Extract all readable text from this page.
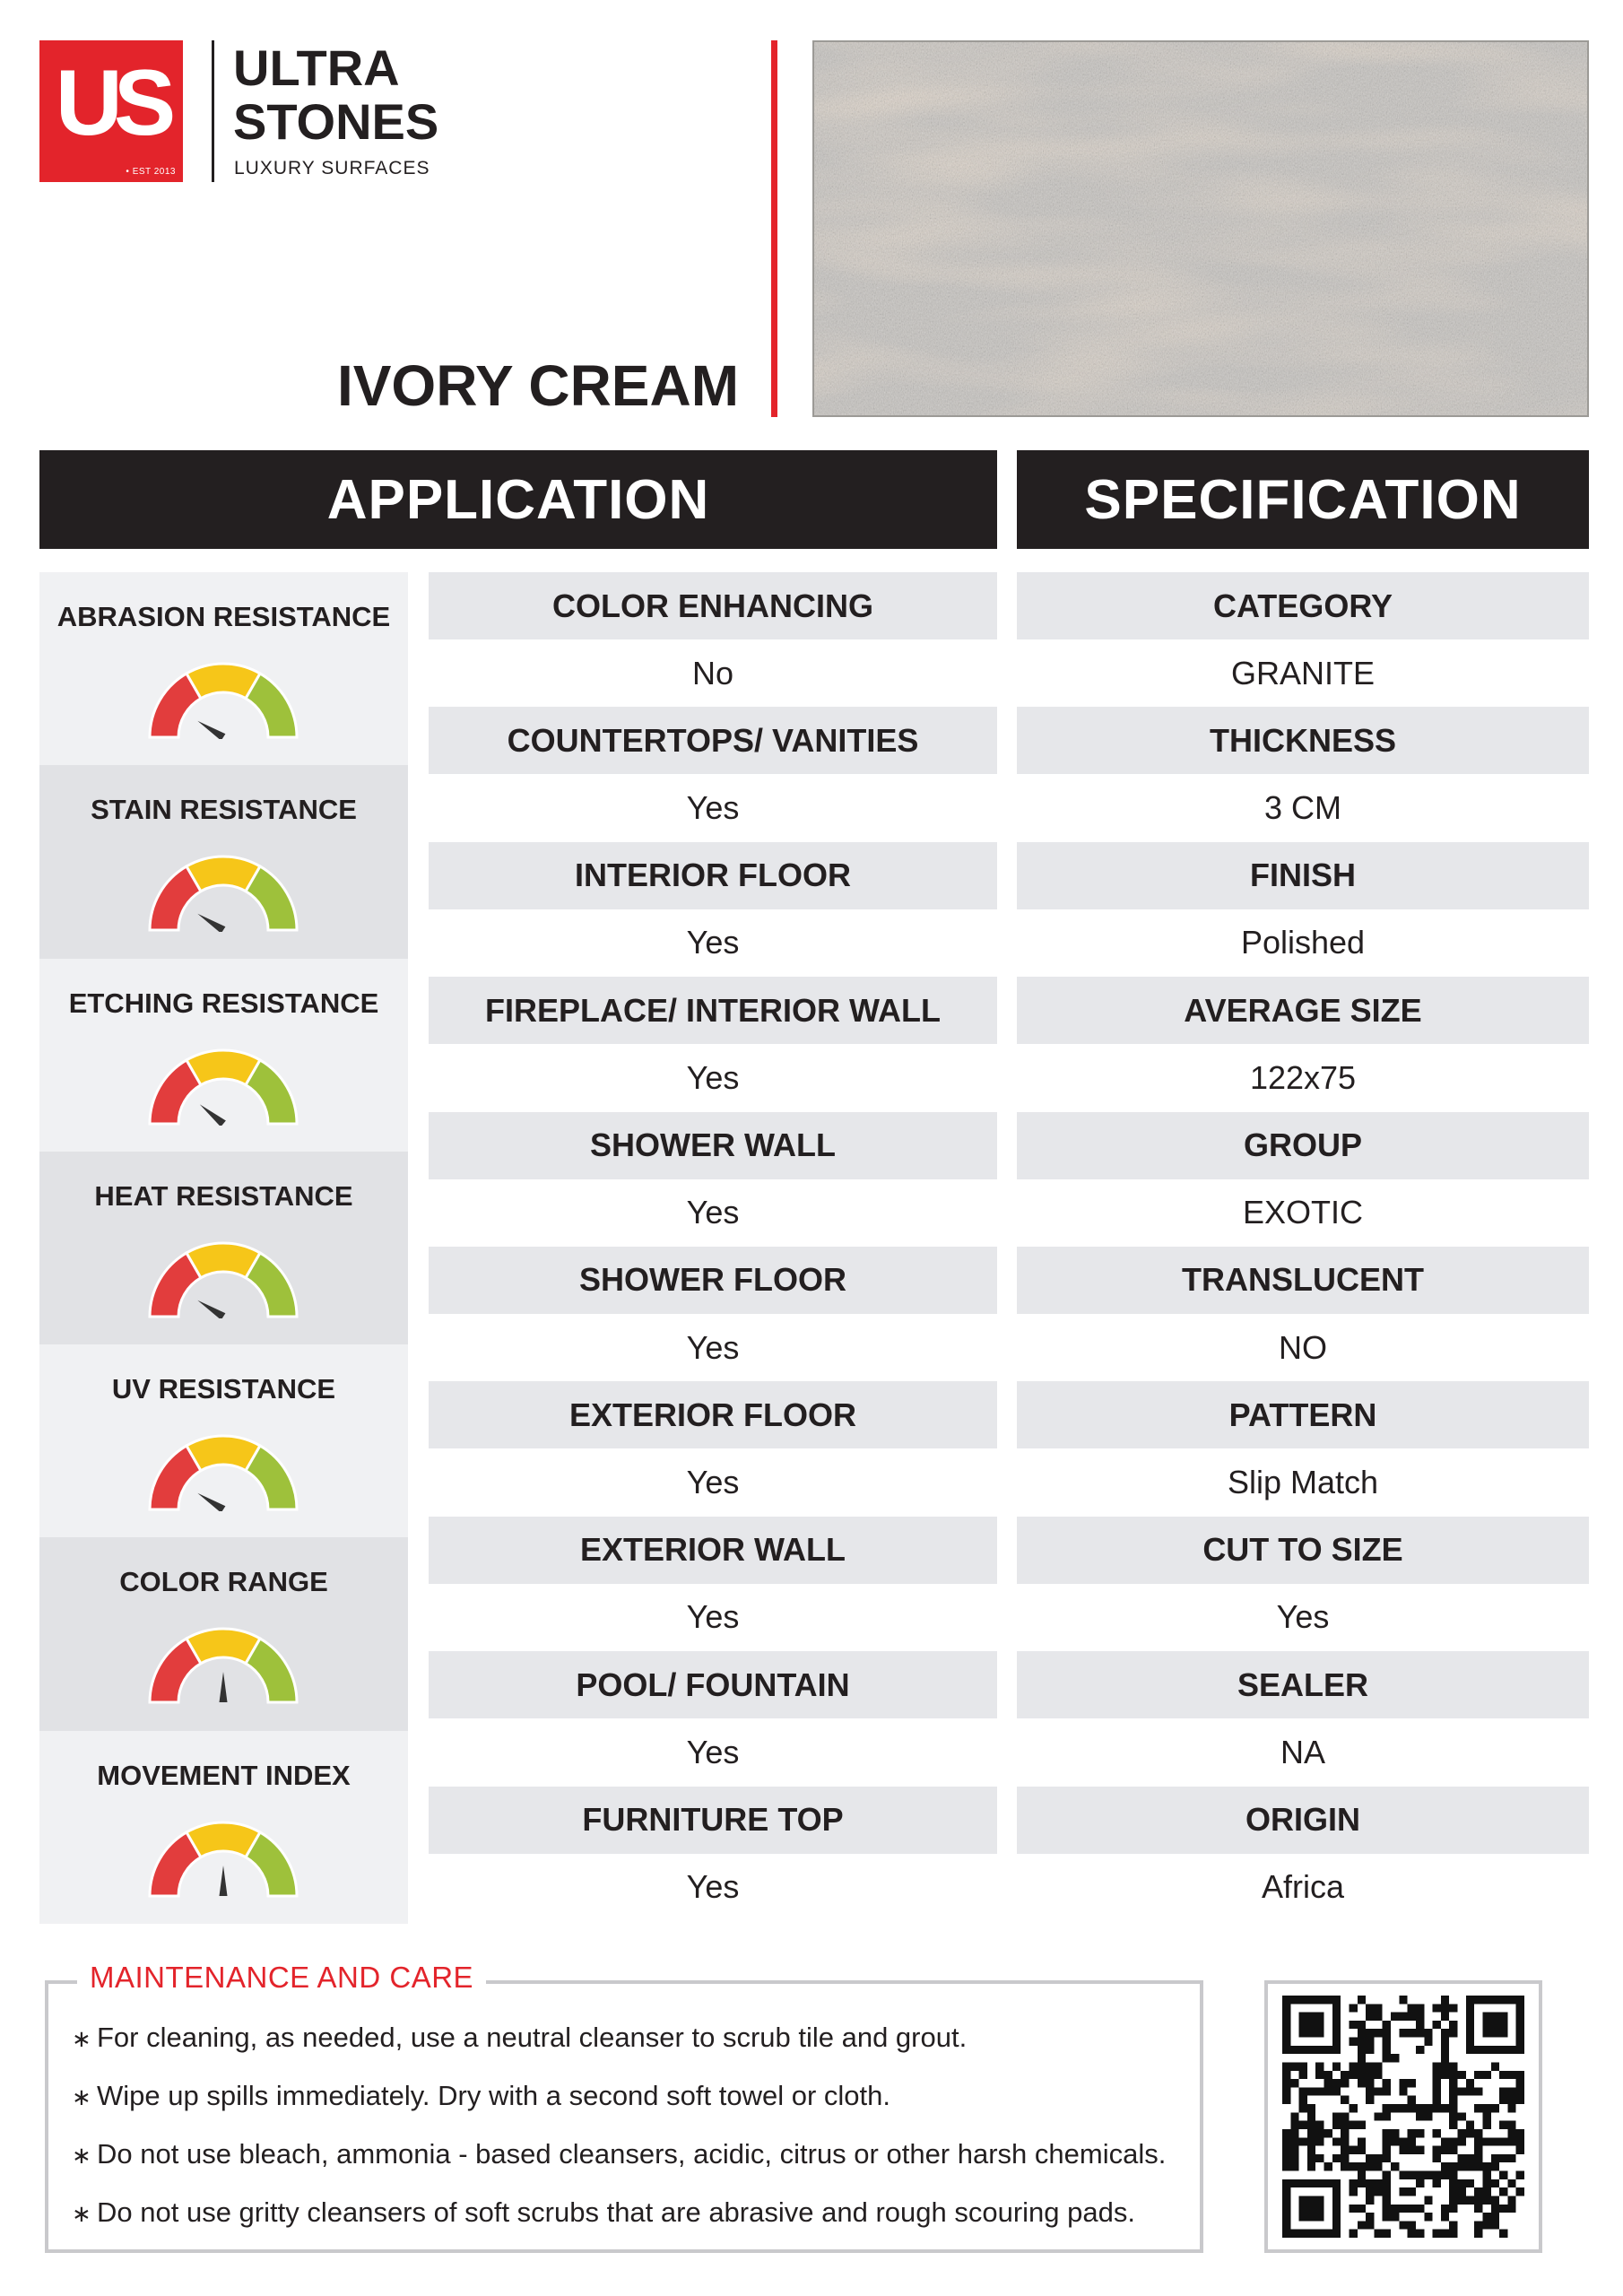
US
• EST 2013
ULTRA
STONES
LUXURY SURFACES
IVORY CREAM
APPLICATION	SPECIFICATION
ABRASION RESISTANCE
STAIN RESISTANCE
ETCHING RESISTANCE
HEAT RESISTANCE
UV RESISTANCE
COLOR RANGE
MOVEMENT INDEX
COLOR ENHANCING
No
COUNTERTOPS/ VANITIES
Yes
INTERIOR FLOOR
Yes
FIREPLACE/ INTERIOR WALL
Yes
SHOWER WALL
Yes
SHOWER FLOOR
Yes
EXTERIOR FLOOR
Yes
EXTERIOR WALL
Yes
POOL/ FOUNTAIN
Yes
FURNITURE TOP
Yes
CATEGORY
GRANITE
THICKNESS
3 CM
FINISH
Polished
AVERAGE SIZE
122x75
GROUP
EXOTIC
TRANSLUCENT
NO
PATTERN
Slip Match
CUT TO SIZE
Yes
SEALER
NA
ORIGIN
Africa
MAINTENANCE AND CARE
∗ For cleaning, as needed, use a neutral cleanser to scrub tile and grout.
∗ Wipe up spills immediately. Dry with a second soft towel or cloth.
∗ Do not use bleach, ammonia - based cleansers, acidic, citrus or other harsh chemicals.
∗ Do not use gritty cleansers of soft scrubs that are abrasive and rough scouring pads.
